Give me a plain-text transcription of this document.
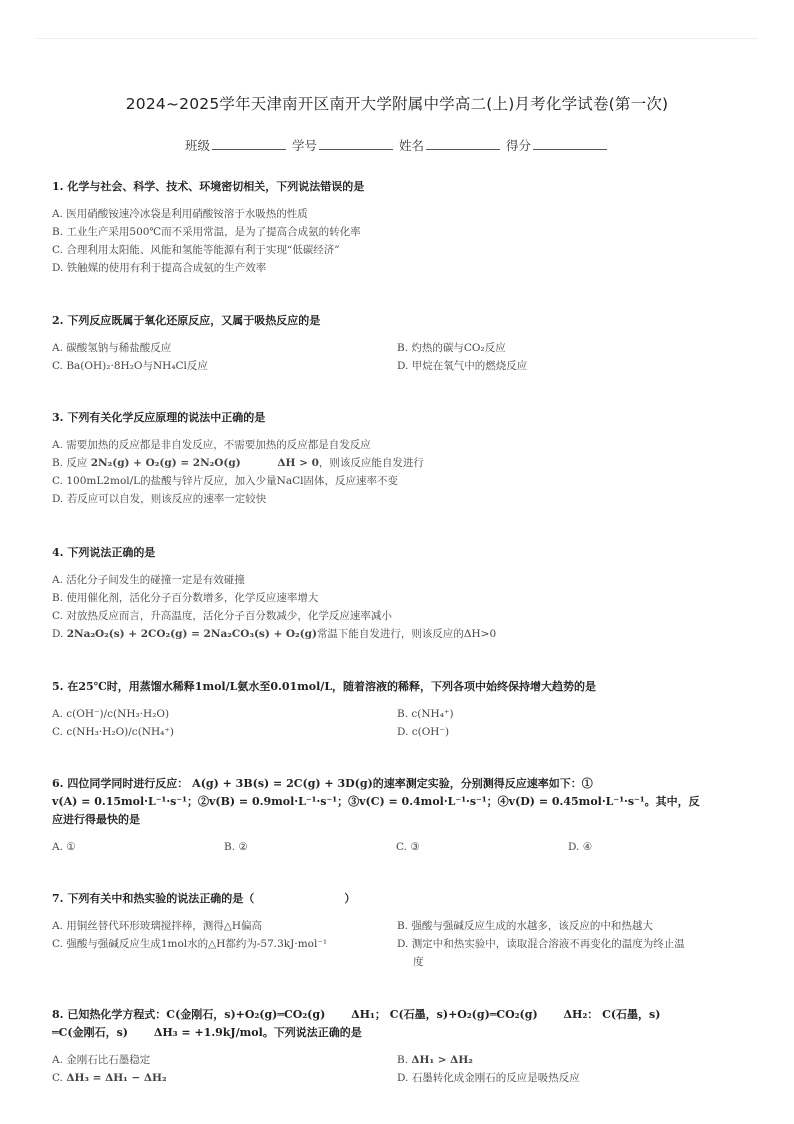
2024~2025学年天津南开区南开大学附属中学高二(上)月考化学试卷(第一次)
班级	学号	姓名	得分
1. 化学与社会、科学、技术、环境密切相关，下列说法错误的是
A. 医用硝酸铵速冷冰袋是利用硝酸铵溶于水吸热的性质
B. 工业生产采用500℃而不采用常温，是为了提高合成氨的转化率
C. 合理利用太阳能、风能和氢能等能源有利于实现“低碳经济”
D. 铁触媒的使用有利于提高合成氨的生产效率
2. 下列反应既属于氧化还原反应，又属于吸热反应的是
A. 碳酸氢钠与稀盐酸反应	B. 灼热的碳与CO₂反应
C. Ba(OH)₂·8H₂O与NH₄Cl反应	D. 甲烷在氧气中的燃烧反应
3. 下列有关化学反应原理的说法中正确的是
A. 需要加热的反应都是非自发反应，不需要加热的反应都是自发反应
B. 反应 2N₂(g) + O₂(g) = 2N₂O(g)	ΔH > 0，则该反应能自发进行
C. 100mL2mol/L的盐酸与锌片反应，加入少量NaCl固体，反应速率不变
D. 若反应可以自发，则该反应的速率一定较快
4. 下列说法正确的是
A. 活化分子间发生的碰撞一定是有效碰撞
B. 使用催化剂，活化分子百分数增多，化学反应速率增大
C. 对放热反应而言，升高温度，活化分子百分数减少，化学反应速率减小
D. 2Na₂O₂(s) + 2CO₂(g) = 2Na₂CO₃(s) + O₂(g)常温下能自发进行，则该反应的ΔH>0
5. 在25℃时，用蒸馏水稀释1mol/L氨水至0.01mol/L，随着溶液的稀释，下列各项中始终保持增大趋势的是
A. c(OH⁻)/c(NH₃·H₂O)	B. c(NH₄⁺)
C. c(NH₃·H₂O)/c(NH₄⁺)	D. c(OH⁻)
6. 四位同学同时进行反应： A(g) + 3B(s) = 2C(g) + 3D(g)的速率测定实验，分别测得反应速率如下：①
v(A) = 0.15mol·L⁻¹·s⁻¹；②v(B) = 0.9mol·L⁻¹·s⁻¹；③v(C) = 0.4mol·L⁻¹·s⁻¹；④v(D) = 0.45mol·L⁻¹·s⁻¹。其中，反
应进行得最快的是
A. ①	B. ②	C. ③	D. ④
7. 下列有关中和热实验的说法正确的是（	）
A. 用铜丝替代环形玻璃搅拌棒，测得△H偏高	B. 强酸与强碱反应生成的水越多，该反应的中和热越大
C. 强酸与强碱反应生成1mol水的△H都约为-57.3kJ·mol⁻¹	D. 测定中和热实验中，读取混合溶液不再变化的温度为终止温
度
8. 已知热化学方程式：C(金刚石，s)+O₂(g)═CO₂(g) ΔH₁； C(石墨，s)+O₂(g)═CO₂(g) ΔH₂： C(石墨，s)
═C(金刚石，s) ΔH₃ = +1.9kJ/mol。下列说法正确的是
A. 金刚石比石墨稳定	B. ΔH₁ > ΔH₂
C. ΔH₃ = ΔH₁ − ΔH₂	D. 石墨转化成金刚石的反应是吸热反应
